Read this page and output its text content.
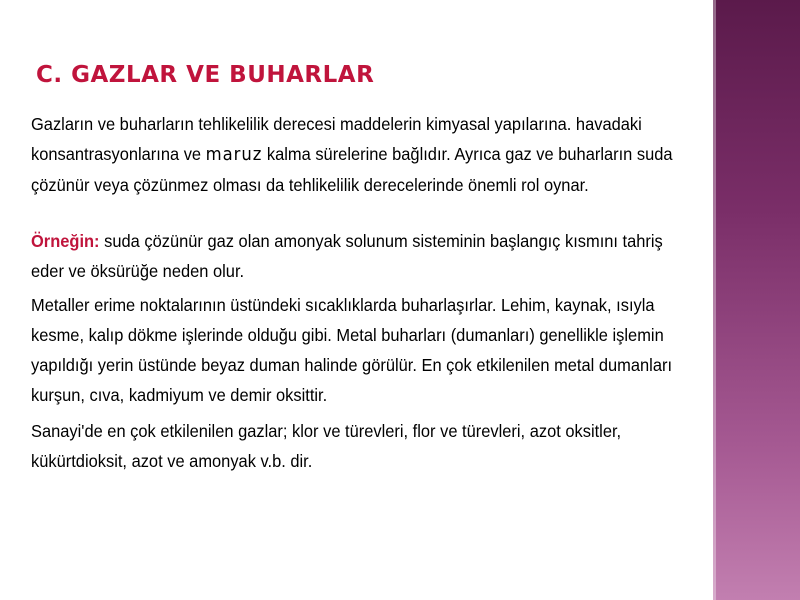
C. GAZLAR VE BUHARLAR

Gazların ve buharların tehlikelilik derecesi maddelerin kimyasal yapılarına. havadaki konsantrasyonlarına ve maruz kalma sürelerine bağlıdır. Ayrıca gaz ve buharların suda çözünür veya çözünmez olması da tehlikelilik derecelerinde önemli rol oynar.

Örneğin: suda çözünür gaz olan amonyak solunum sisteminin başlangıç kısmını tahriş eder ve öksürüğe neden olur.

Metaller erime noktalarının üstündeki sıcaklıklarda buharlaşırlar. Lehim, kaynak, ısıyla kesme, kalıp dökme işlerinde olduğu gibi. Metal buharları (dumanları) genellikle işlemin yapıldığı yerin üstünde beyaz duman halinde görülür. En çok etkilenilen metal dumanları kurşun, cıva, kadmiyum ve demir oksittir.

Sanayi'de en çok etkilenilen gazlar; klor ve türevleri, flor ve türevleri, azot oksitler, kükürtdioksit, azot ve amonyak v.b. dir.
